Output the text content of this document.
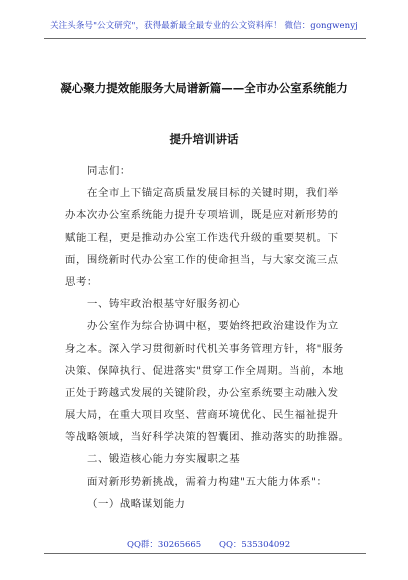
关注头条号"公文研究"，获得最新最全最专业的公文资料库！ 微信：gongwenyj
凝心聚力提效能服务大局谱新篇——全市办公室系统能力
提升培训讲话
同志们：
在全市上下锚定高质量发展目标的关键时期，我们举
办本次办公室系统能力提升专项培训，既是应对新形势的
赋能工程，更是推动办公室工作迭代升级的重要契机。下
面，围绕新时代办公室工作的使命担当，与大家交流三点
思考：
一、铸牢政治根基守好服务初心
办公室作为综合协调中枢，要始终把政治建设作为立
身之本。深入学习贯彻新时代机关事务管理方针，将"服务
决策、保障执行、促进落实"贯穿工作全周期。当前，本地
正处于跨越式发展的关键阶段，办公室系统要主动融入发
展大局，在重大项目攻坚、营商环境优化、民生福祉提升
等战略领域，当好科学决策的智囊团、推动落实的助推器。
二、锻造核心能力夯实履职之基
面对新形势新挑战，需着力构建"五大能力体系"：
（一）战略谋划能力
QQ群：30265665 QQ：535304092
